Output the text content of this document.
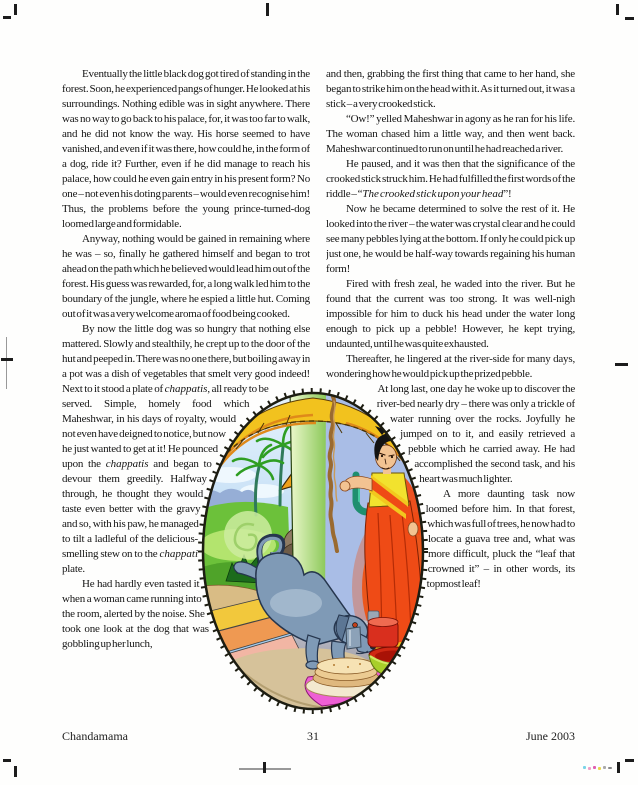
Eventually the little black dog got tired of standing in the forest. Soon, he experienced pangs of hunger. He looked at his surroundings. Nothing edible was in sight anywhere. There was no way to go back to his palace, for, it was too far to walk, and he did not know the way. His horse seemed to have vanished, and even if it was there, how could he, in the form of a dog, ride it? Further, even if he did manage to reach his palace, how could he even gain entry in his present form? No one – not even his doting parents – would even recognise him! Thus, the problems before the young prince-turned-dog loomed large and formidable.

Anyway, nothing would be gained in remaining where he was – so, finally he gathered himself and began to trot ahead on the path which he believed would lead him out of the forest. His guess was rewarded, for, a long walk led him to the boundary of the jungle, where he espied a little hut. Coming out of it was a very welcome aroma of food being cooked.

By now the little dog was so hungry that nothing else mattered. Slowly and stealthily, he crept up to the door of the hut and peeped in. There was no one there, but boiling away in a pot was a dish of vegetables that smelt very good indeed! Next to it stood a plate of chappatis, all ready to be served. Simple, homely food which Maheshwar, in his days of royalty, would not even have deigned to notice, but now he just wanted to get at it! He pounced upon the chappatis and began to devour them greedily. Halfway through, he thought they would taste even better with the gravy and so, with his paw, he managed to tilt a ladleful of the delicious-smelling stew on to the chappati plate.

He had hardly even tasted it when a woman came running into the room, alerted by the noise. She took one look at the dog that was gobbling up her lunch,

and then, grabbing the first thing that came to her hand, she began to strike him on the head with it. As it turned out, it was a stick – a very crooked stick.

“Ow!” yelled Maheshwar in agony as he ran for his life. The woman chased him a little way, and then went back. Maheshwar continued to run on until he had reached a river.

He paused, and it was then that the significance of the crooked stick struck him. He had fulfilled the first words of the riddle – “The crooked stick upon your head”!

Now he became determined to solve the rest of it. He looked into the river – the water was crystal clear and he could see many pebbles lying at the bottom. If only he could pick up just one, he would be half-way towards regaining his human form!

Fired with fresh zeal, he waded into the river. But he found that the current was too strong. It was well-nigh impossible for him to duck his head under the water long enough to pick up a pebble! However, he kept trying, undaunted, until he was quite exhausted.

Thereafter, he lingered at the river-side for many days, wondering how he would pick up the prized pebble.

At long last, one day he woke up to discover the river-bed nearly dry – there was only a trickle of water running over the rocks. Joyfully he jumped on to it, and easily retrieved a pebble which he carried away. He had accomplished the second task, and his heart was much lighter.

A more daunting task now loomed before him. In that forest, which was full of trees, he now had to locate a guava tree and, what was more difficult, pluck the “leaf that crowned it” – in other words, its topmost leaf!

Chandamama	31	June 2003
